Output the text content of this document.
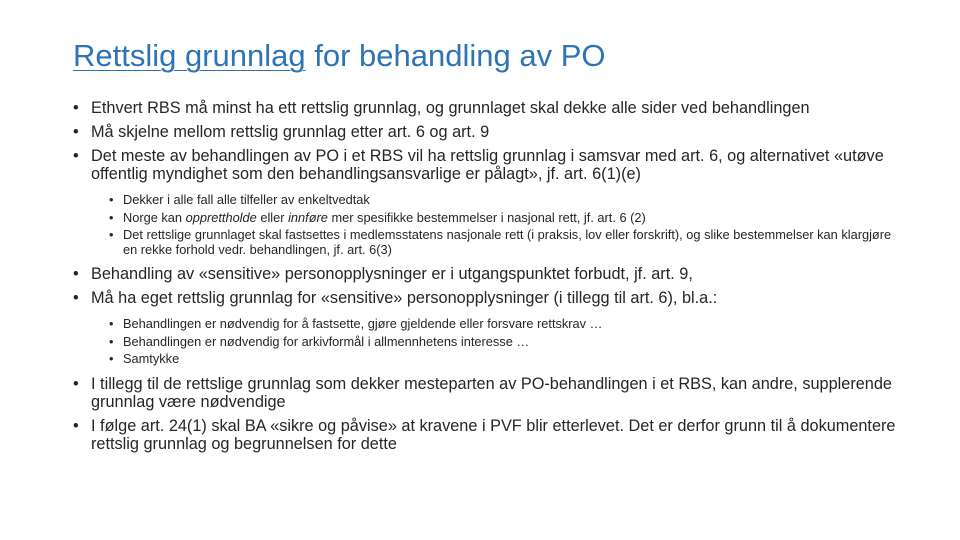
Rettslig grunnlag for behandling av PO
• Ethvert RBS må minst ha ett rettslig grunnlag, og grunnlaget skal dekke alle sider ved behandlingen
• Må skjelne mellom rettslig grunnlag etter art. 6 og art. 9
• Det meste av behandlingen av PO i et RBS vil ha rettslig grunnlag i samsvar med art. 6, og alternativet «utøve offentlig myndighet som den behandlingsansvarlige er pålagt», jf. art. 6(1)(e)
• Dekker i alle fall alle tilfeller av enkeltvedtak
• Norge kan opprettholde eller innføre mer spesifikke bestemmelser i nasjonal rett, jf. art. 6 (2)
• Det rettslige grunnlaget skal fastsettes i medlemsstatens nasjonale rett (i praksis, lov eller forskrift), og slike bestemmelser kan klargjøre en rekke forhold vedr. behandlingen, jf. art. 6(3)
• Behandling av «sensitive» personopplysninger er i utgangspunktet forbudt, jf. art. 9,
• Må ha eget rettslig grunnlag for «sensitive» personopplysninger (i tillegg til art. 6), bl.a.:
• Behandlingen er nødvendig for å fastsette, gjøre gjeldende eller forsvare rettskrav …
• Behandlingen er nødvendig for arkivformål i allmennhetens interesse …
• Samtykke
• I tillegg til de rettslige grunnlag som dekker mesteparten av PO-behandlingen i et RBS, kan andre, supplerende grunnlag være nødvendige
• I følge art. 24(1) skal BA «sikre og påvise» at kravene i PVF blir etterlevet. Det er derfor grunn til å dokumentere rettslig grunnlag og begrunnelsen for dette
